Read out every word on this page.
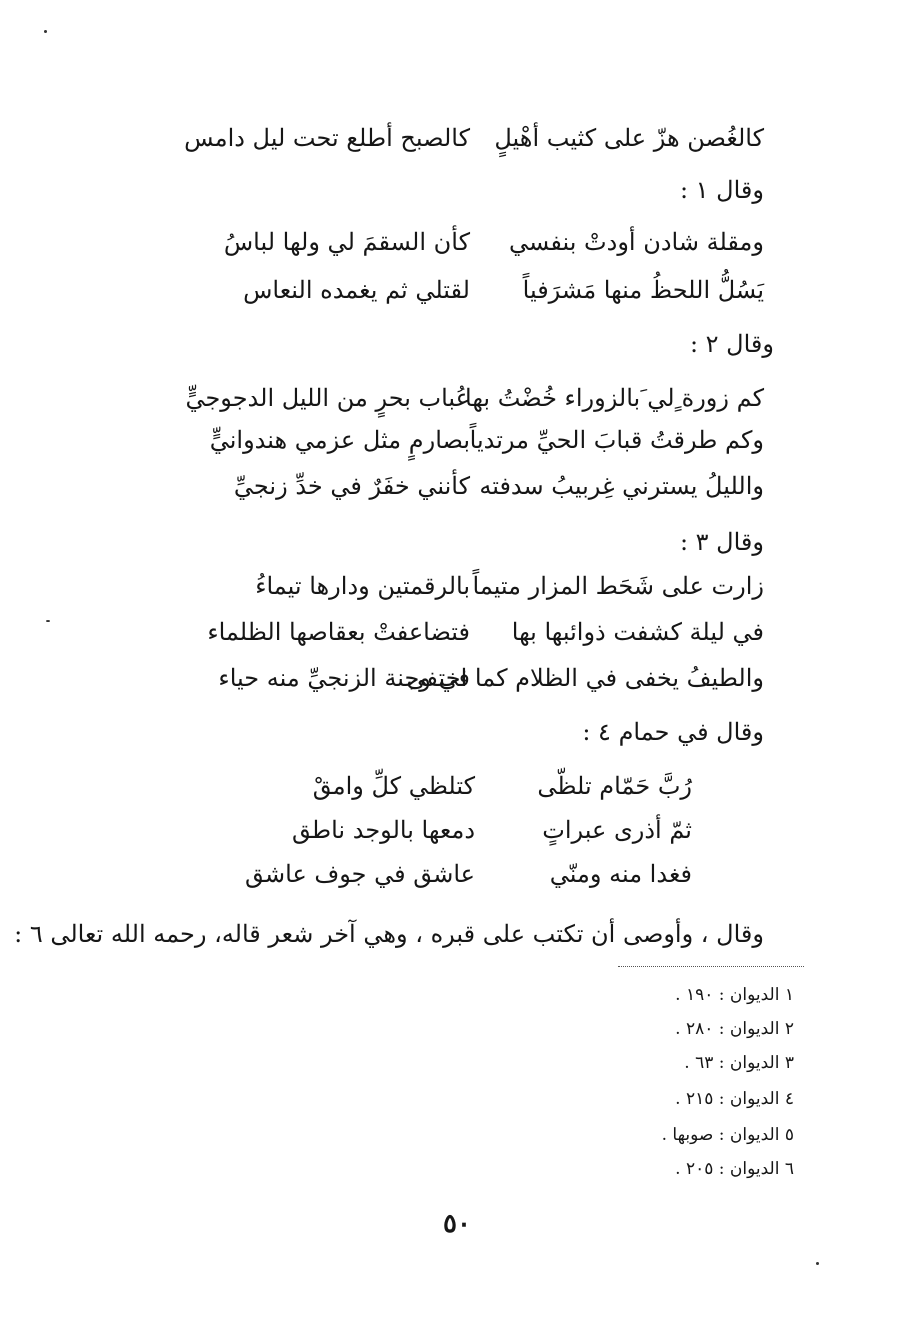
كالغُصن هزّ على كثيب أهْيلٍ
كالصبح أطلع تحت ليل دامس
وقال ١ :
ومقلة شادن أودتْ بنفسي
كأن السقمَ لي ولها لباسُ
يَسُلُّ اللحظُ منها مَشرَفياً
لقتلي ثم يغمده النعاس
وقال ٢ :
كم زورة ٍلي َبالزوراء خُضْتُ بها
عُباب بحرٍ من الليل الدجوجيٍّ
وكم طرقتُ قبابَ الحيِّ مرتدياً
بصارمٍ مثل عزمي هندوانيٍّ
والليلُ يسترني غِربيبُ سدفته
كأنني خفَرٌ في خدِّ زنجيِّ
وقال ٣ :
زارت على شَحَط المزار متيماً
بالرقمتين ودارها تيماءُ
في ليلة كشفت ذوائبها بها
فتضاعفتْ بعقاصها الظلماء
والطيفُ يخفى في الظلام كما اختفى
في وجنة الزنجيِّ منه حياء
وقال في حمام ٤ :
رُبَّ حَمّام تلظّى
كتلظي كلِّ وامقْ
ثمّ أذرى عبراتٍ
دمعها بالوجد ناطق
فغدا منه ومنّي
عاشق في جوف عاشق
وقال ، وأوصى أن تكتب على قبره ، وهي آخر شعر قاله، رحمه الله تعالى ٦ :
١ الديوان : ١٩٠ .
٢ الديوان : ٢٨٠ .
٣ الديوان : ٦٣ .
٤ الديوان : ٢١٥ .
٥ الديوان : صوبها .
٦ الديوان : ٢٠٥ .
٥٠
